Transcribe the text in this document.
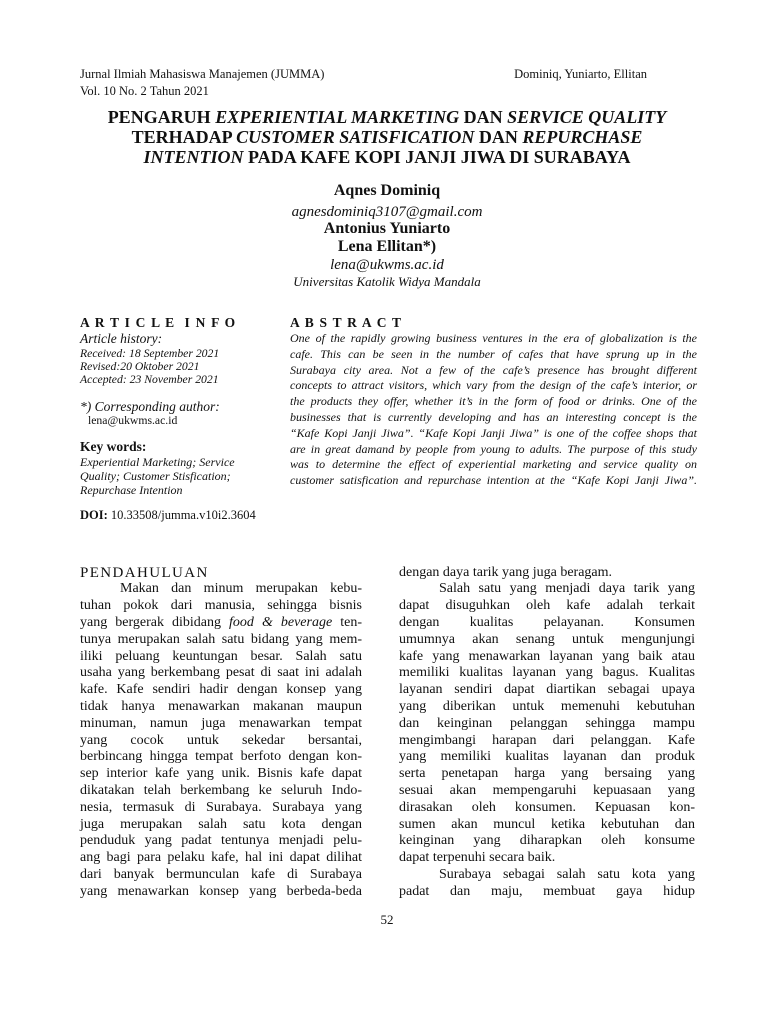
Jurnal Ilmiah Mahasiswa Manajemen (JUMMA)	Dominiq, Yuniarto, Ellitan
Vol. 10 No. 2 Tahun 2021
PENGARUH EXPERIENTIAL MARKETING DAN SERVICE QUALITY
TERHADAP CUSTOMER SATISFICATION DAN REPURCHASE
INTENTION PADA KAFE KOPI JANJI JIWA DI SURABAYA
Aqnes Dominiq
agnesdominiq3107@gmail.com
Antonius Yuniarto
Lena Ellitan*)
lena@ukwms.ac.id
Universitas Katolik Widya Mandala
A R T I C L E  I N F O
Article history:
Received: 18 September 2021
Revised:20 Oktober 2021
Accepted: 23 November 2021
*) Corresponding author:
lena@ukwms.ac.id
Key words:
Experiential Marketing; Service
Quality; Customer Stisfication;
Repurchase Intention
DOI: 10.33508/jumma.v10i2.3604
A B S T R A C T
One of the rapidly growing business ventures in the era of globalization is the
cafe. This can be seen in the number of cafes that have sprung up in the
Surabaya city area. Not a few of the cafe’s presence has brought different
concepts to attract visitors, which vary from the design of the cafe’s interior, or
the products they offer, whether it’s in the form of food or drinks. One of the
businesses that is currently developing and has an interesting concept is the
“Kafe Kopi Janji Jiwa”. “Kafe Kopi Janji Jiwa” is one of the coffee shops that
are in great damand by people from young to adults. The purpose of this study
was to determine the effect of experiential marketing and service quality on
customer satisfication and repurchase intention at the “Kafe Kopi Janji Jiwa”.
PENDAHULUAN
Makan dan minum merupakan kebu-
tuhan pokok dari manusia, sehingga bisnis
yang bergerak dibidang food & beverage ten-
tunya merupakan salah satu bidang yang mem-
iliki peluang keuntungan besar. Salah satu
usaha yang berkembang pesat di saat ini adalah
kafe. Kafe sendiri hadir dengan konsep yang
tidak hanya menawarkan makanan maupun
minuman, namun juga menawarkan tempat
yang cocok untuk sekedar bersantai,
berbincang hingga tempat berfoto dengan kon-
sep interior kafe yang unik. Bisnis kafe dapat
dikatakan telah berkembang ke seluruh Indo-
nesia, termasuk di Surabaya. Surabaya yang
juga merupakan salah satu kota dengan
penduduk yang padat tentunya menjadi pelu-
ang bagi para pelaku kafe, hal ini dapat dilihat
dari banyak bermunculan kafe di Surabaya
yang menawarkan konsep yang berbeda-beda
dengan daya tarik yang juga beragam.
Salah satu yang menjadi daya tarik yang
dapat disuguhkan oleh kafe adalah terkait
dengan kualitas pelayanan. Konsumen
umumnya akan senang untuk mengunjungi
kafe yang menawarkan layanan yang baik atau
memiliki kualitas layanan yang bagus. Kualitas
layanan sendiri dapat diartikan sebagai upaya
yang diberikan untuk memenuhi kebutuhan
dan keinginan pelanggan sehingga mampu
mengimbangi harapan dari pelanggan. Kafe
yang memiliki kualitas layanan dan produk
serta penetapan harga yang bersaing yang
sesuai akan mempengaruhi kepuasaan yang
dirasakan oleh konsumen. Kepuasan kon-
sumen akan muncul ketika kebutuhan dan
keinginan yang diharapkan oleh konsume
dapat terpenuhi secara baik.
Surabaya sebagai salah satu kota yang
padat dan maju, membuat gaya hidup
52
